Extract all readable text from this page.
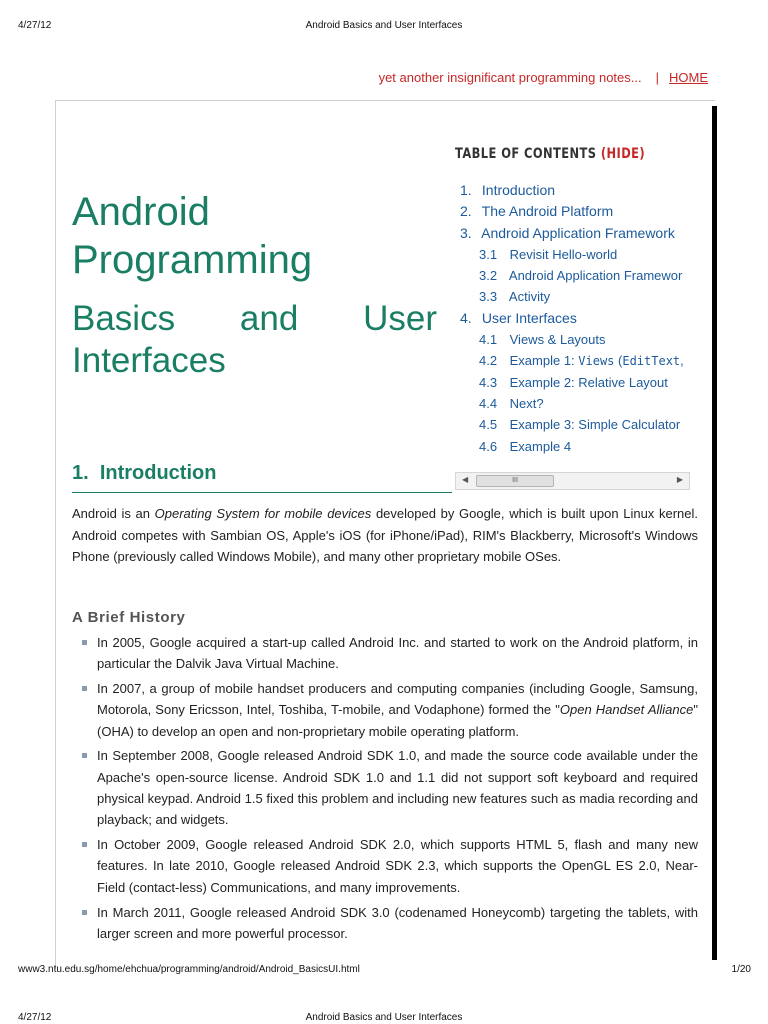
4/27/12	Android Basics and User Interfaces
yet another insignificant programming notes... | HOME
Android
Programming
Basics and User
Interfaces
TABLE OF CONTENTS (HIDE)
1. Introduction
2. The Android Platform
3. Android Application Framework
3.1 Revisit Hello-world
3.2 Android Application Framewor
3.3 Activity
4. User Interfaces
4.1 Views & Layouts
4.2 Example 1: Views (EditText,
4.3 Example 2: Relative Layout
4.4 Next?
4.5 Example 3: Simple Calculator
4.6 Example 4
◀	III	▶
1. Introduction

Android is an Operating System for mobile devices developed by Google, which is built upon Linux kernel. Android competes with Sambian OS, Apple's iOS (for iPhone/iPad), RIM's Blackberry, Microsoft's Windows Phone (previously called Windows Mobile), and many other proprietary mobile OSes.

A Brief History
In 2005, Google acquired a start-up called Android Inc. and started to work on the Android platform, in particular the Dalvik Java Virtual Machine.
In 2007, a group of mobile handset producers and computing companies (including Google, Samsung, Motorola, Sony Ericsson, Intel, Toshiba, T-mobile, and Vodaphone) formed the "Open Handset Alliance" (OHA) to develop an open and non-proprietary mobile operating platform.
In September 2008, Google released Android SDK 1.0, and made the source code available under the Apache's open-source license. Android SDK 1.0 and 1.1 did not support soft keyboard and required physical keypad. Android 1.5 fixed this problem and including new features such as madia recording and playback; and widgets.
In October 2009, Google released Android SDK 2.0, which supports HTML 5, flash and many new features. In late 2010, Google released Android SDK 2.3, which supports the OpenGL ES 2.0, Near-Field (contact-less) Communications, and many improvements.
In March 2011, Google released Android SDK 3.0 (codenamed Honeycomb) targeting the tablets, with larger screen and more powerful processor.
www3.ntu.edu.sg/home/ehchua/programming/android/Android_BasicsUI.html	1/20
4/27/12	Android Basics and User Interfaces
